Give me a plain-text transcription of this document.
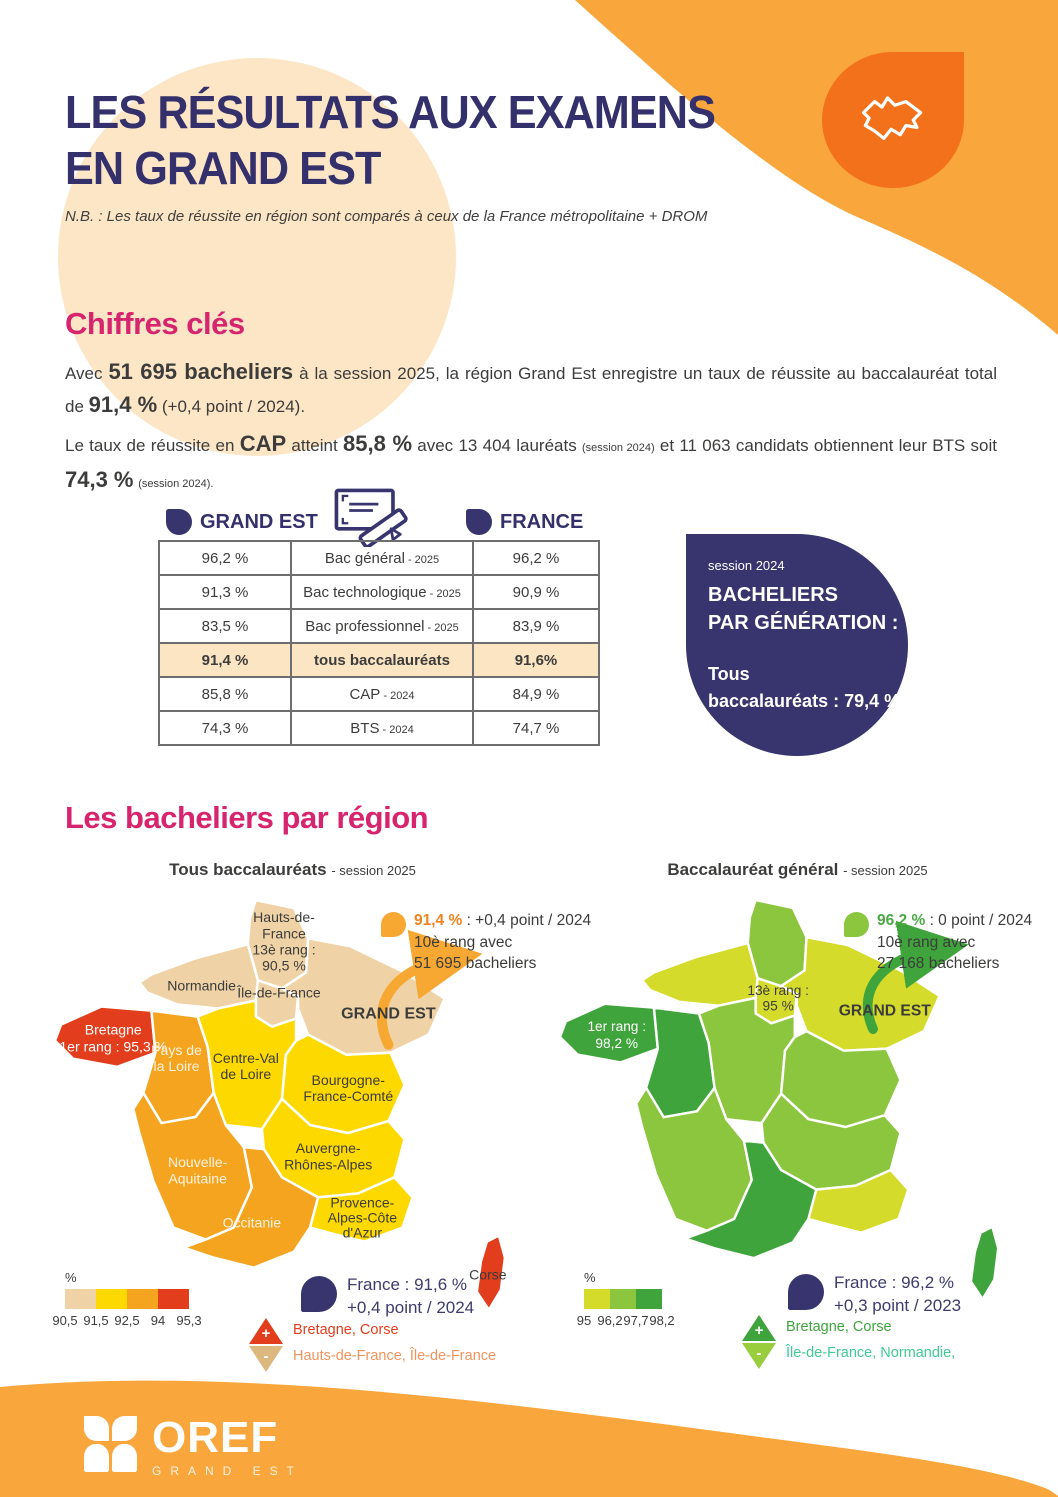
LES RÉSULTATS AUX EXAMENS
EN GRAND EST
N.B. : Les taux de réussite en région sont comparés à ceux de la France métropolitaine + DROM
Chiffres clés

Avec 51 695 bacheliers à la session 2025, la région Grand Est enregistre un taux de réussite au baccalauréat total de 91,4 % (+0,4 point / 2024).

Le taux de réussite en CAP atteint 85,8 % avec 13 404 lauréats (session 2024) et 11 063 candidats obtiennent leur BTS soit 74,3 % (session 2024).

GRAND EST	FRANCE
96,2 %	Bac général - 2025	96,2 %
91,3 %	Bac technologique - 2025	90,9 %
83,5 %	Bac professionnel - 2025	83,9 %
91,4 %	tous baccalauréats	91,6%
85,8 %	CAP - 2024	84,9 %
74,3 %	BTS - 2024	74,7 %
session 2024
BACHELIERS
PAR GÉNÉRATION :
Tous
baccalauréats : 79,4 %
Les bacheliers par région
Tous baccalauréats - session 2025
Hauts-de-France 13è rang : 90,5 %
Normandie Île-de-France
GRAND EST
Bretagne 1er rang : 95,3 %
Pays de la Loire
Centre-Val de Loire	Bourgogne-France-Comté
Nouvelle-Aquitaine
Auvergne-Rhônes-Alpes
Occitanie
Provence-Alpes-Côte d'Azur
Corse
91,4 % : +0,4 point / 2024
10è rang avec
51 695 bacheliers
%
90,5 91,5 92,5 94 95,3
France : 91,6 %
+0,4 point / 2024
+
-
Bretagne, Corse
Hauts-de-France, Île-de-France
Baccalauréat général - session 2025
13è rang : 95 %	GRAND EST
1er rang : 98,2 %
96,2 % : 0 point / 2024
10è rang avec
27 168 bacheliers
%
95 96,2 97,7 98,2
France : 96,2 %
+0,3 point / 2023
+
-
Bretagne, Corse
Île-de-France, Normandie,
OREF
GRAND EST
